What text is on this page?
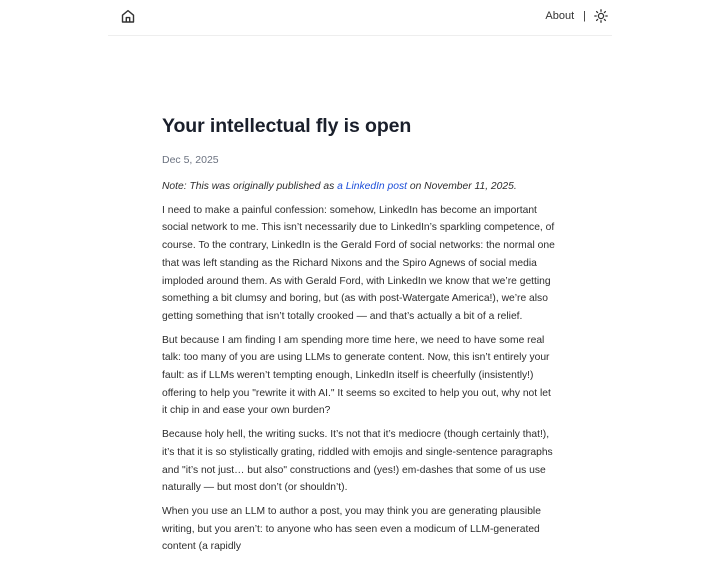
About |
Your intellectual fly is open
Dec 5, 2025

Note: This was originally published as a LinkedIn post on November 11, 2025.

I need to make a painful confession: somehow, LinkedIn has become an important social network to me. This isn’t necessarily due to LinkedIn’s sparkling competence, of course. To the contrary, LinkedIn is the Gerald Ford of social networks: the normal one that was left standing as the Richard Nixons and the Spiro Agnews of social media imploded around them. As with Gerald Ford, with LinkedIn we know that we’re getting something a bit clumsy and boring, but (as with post-Watergate America!), we’re also getting something that isn’t totally crooked — and that’s actually a bit of a relief.

But because I am finding I am spending more time here, we need to have some real talk: too many of you are using LLMs to generate content. Now, this isn’t entirely your fault: as if LLMs weren’t tempting enough, LinkedIn itself is cheerfully (insistently!) offering to help you "rewrite it with AI." It seems so excited to help you out, why not let it chip in and ease your own burden?

Because holy hell, the writing sucks. It’s not that it’s mediocre (though certainly that!), it’s that it is so stylistically grating, riddled with emojis and single-sentence paragraphs and "it’s not just… but also" constructions and (yes!) em-dashes that some of us use naturally — but most don’t (or shouldn’t).

When you use an LLM to author a post, you may think you are generating plausible writing, but you aren’t: to anyone who has seen even a modicum of LLM-generated content (a rapidly
